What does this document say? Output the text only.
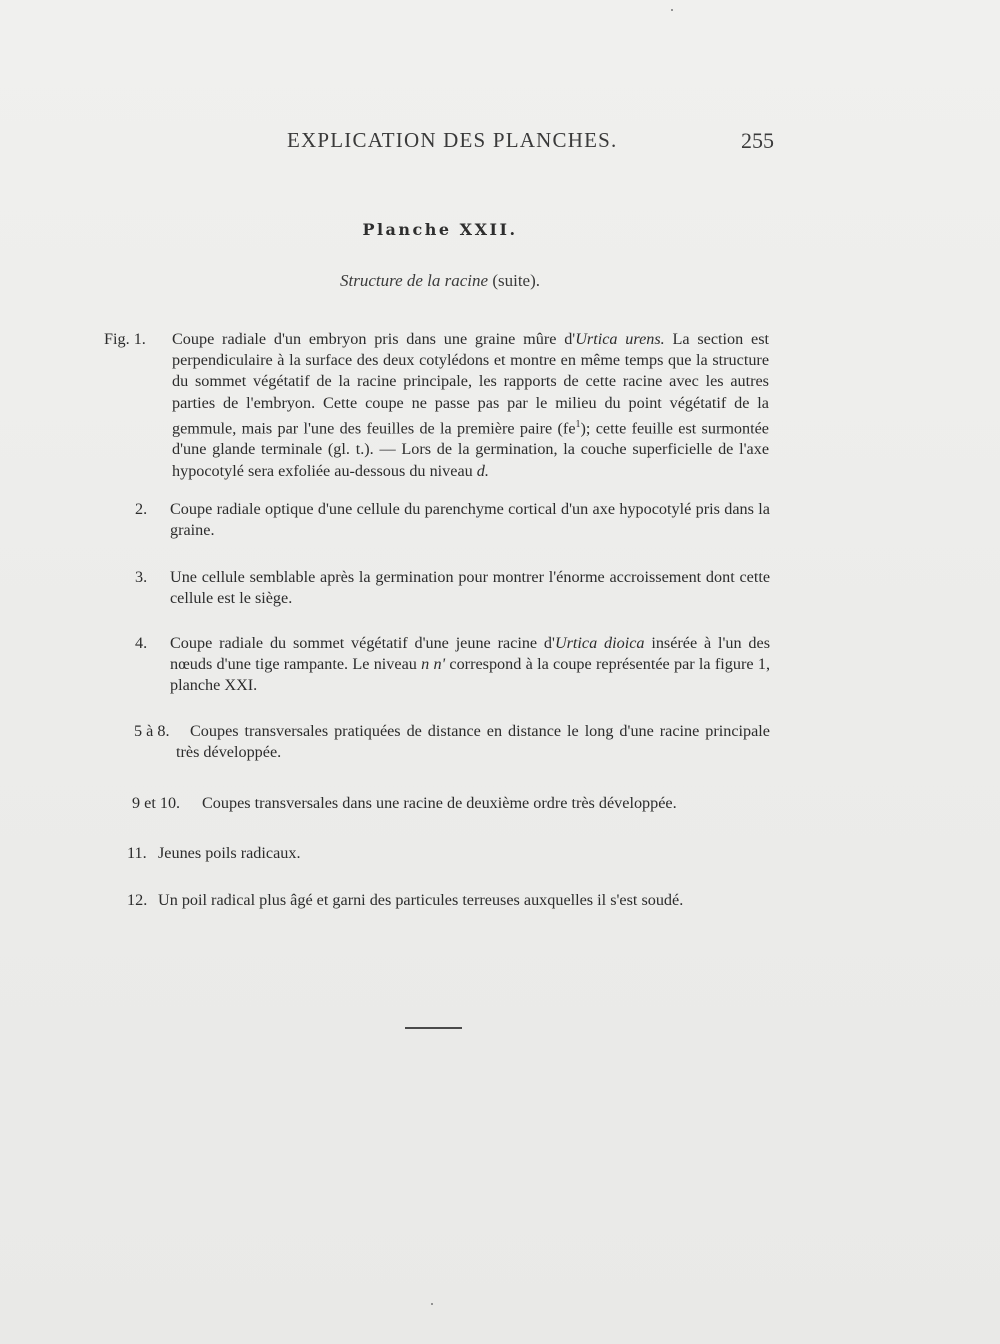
EXPLICATION DES PLANCHES.	255
Planche XXII.
Structure de la racine (suite).
Fig. 1. Coupe radiale d'un embryon pris dans une graine mûre d'Urtica urens. La section est perpendiculaire à la surface des deux cotylédons et montre en même temps que la structure du sommet végétatif de la racine principale, les rapports de cette racine avec les autres parties de l'embryon. Cette coupe ne passe pas par le milieu du point végétatif de la gemmule, mais par l'une des feuilles de la première paire $(fe^1)$; cette feuille est surmontée d'une glande terminale (gl. t.). — Lors de la germination, la couche superficielle de l'axe hypocotylé sera exfoliée au-dessous du niveau d.

2. Coupe radiale optique d'une cellule du parenchyme cortical d'un axe hypocotylé pris dans la graine.

3. Une cellule semblable après la germination pour montrer l'énorme accroissement dont cette cellule est le siège.

4. Coupe radiale du sommet végétatif d'une jeune racine d'Urtica dioica insérée à l'un des nœuds d'une tige rampante. Le niveau n n' correspond à la coupe représentée par la figure 1, planche XXI.

5 à 8.	Coupes transversales pratiquées de distance en distance le long d'une racine principale très développée.

9 et 10. Coupes transversales dans une racine de deuxième ordre très développée.

11. Jeunes poils radicaux.

12. Un poil radical plus âgé et garni des particules terreuses auxquelles il s'est soudé.
